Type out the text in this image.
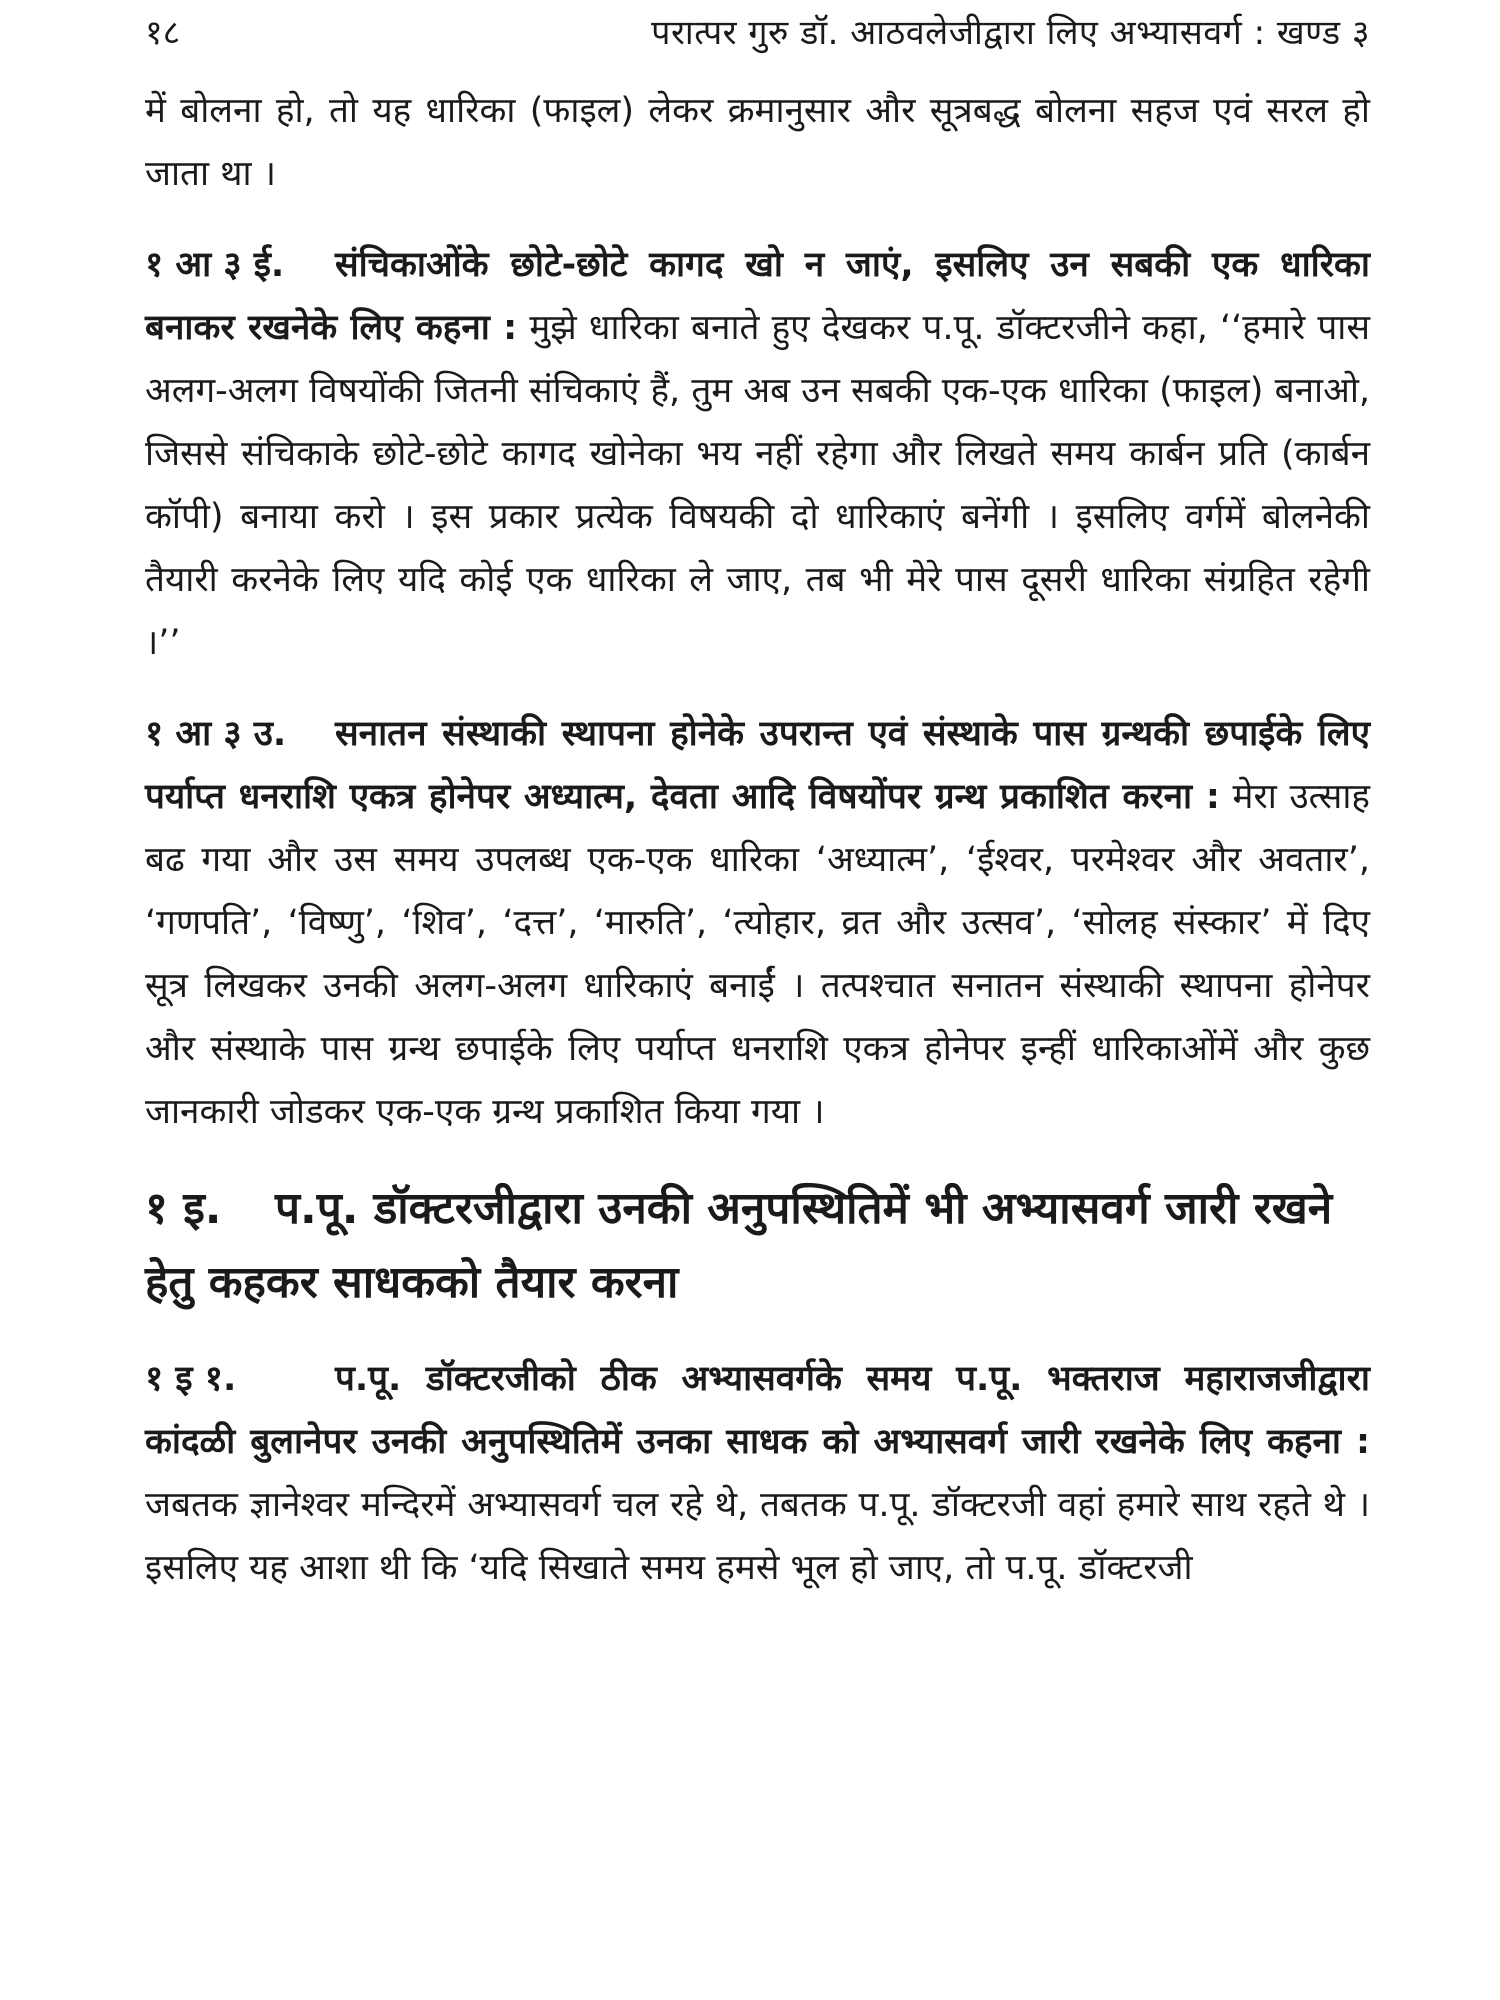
१८	परात्पर गुरु डॉ. आठवलेजीद्वारा लिए अभ्यासवर्ग : खण्ड ३

में बोलना हो, तो यह धारिका (फाइल) लेकर क्रमानुसार और सूत्रबद्ध बोलना सहज एवं सरल हो जाता था ।

१ आ ३ ई. संचिकाओंके छोटे-छोटे कागद खो न जाएं, इसलिए उन सबकी एक धारिका बनाकर रखनेके लिए कहना : मुझे धारिका बनाते हुए देखकर प.पू. डॉक्टरजीने कहा, ‘‘हमारे पास अलग-अलग विषयोंकी जितनी संचिकाएं हैं, तुम अब उन सबकी एक-एक धारिका (फाइल) बनाओ, जिससे संचिकाके छोटे-छोटे कागद खोनेका भय नहीं रहेगा और लिखते समय कार्बन प्रति (कार्बन कॉपी) बनाया करो । इस प्रकार प्रत्येक विषयकी दो धारिकाएं बनेंगी । इसलिए वर्गमें बोलनेकी तैयारी करनेके लिए यदि कोई एक धारिका ले जाए, तब भी मेरे पास दूसरी धारिका संग्रहित रहेगी ।’’

१ आ ३ उ. सनातन संस्थाकी स्थापना होनेके उपरान्त एवं संस्थाके पास ग्रन्थकी छपाईके लिए पर्याप्त धनराशि एकत्र होनेपर अध्यात्म, देवता आदि विषयोंपर ग्रन्थ प्रकाशित करना : मेरा उत्साह बढ गया और उस समय उपलब्ध एक-एक धारिका ‘अध्यात्म’, ‘ईश्वर, परमेश्वर और अवतार’, ‘गणपति’, ‘विष्णु’, ‘शिव’, ‘दत्त’, ‘मारुति’, ‘त्योहार, व्रत और उत्सव’, ‘सोलह संस्कार’ में दिए सूत्र लिखकर उनकी अलग-अलग धारिकाएं बनाईं । तत्पश्चात सनातन संस्थाकी स्थापना होनेपर और संस्थाके पास ग्रन्थ छपाईके लिए पर्याप्त धनराशि एकत्र होनेपर इन्हीं धारिकाओंमें और कुछ जानकारी जोडकर एक-एक ग्रन्थ प्रकाशित किया गया ।

१ इ. प.पू. डॉक्टरजीद्वारा उनकी अनुपस्थितिमें भी अभ्यासवर्ग जारी रखने हेतु कहकर साधकको तैयार करना

१ इ १.	प.पू. डॉक्टरजीको ठीक अभ्यासवर्गके समय प.पू. भक्तराज महाराजजीद्वारा कांदळी बुलानेपर उनकी अनुपस्थितिमें उनका साधक को अभ्यासवर्ग जारी रखनेके लिए कहना : जबतक ज्ञानेश्वर मन्दिरमें अभ्यासवर्ग चल रहे थे, तबतक प.पू. डॉक्टरजी वहां हमारे साथ रहते थे । इसलिए यह आशा थी कि ‘यदि सिखाते समय हमसे भूल हो जाए, तो प.पू. डॉक्टरजी
